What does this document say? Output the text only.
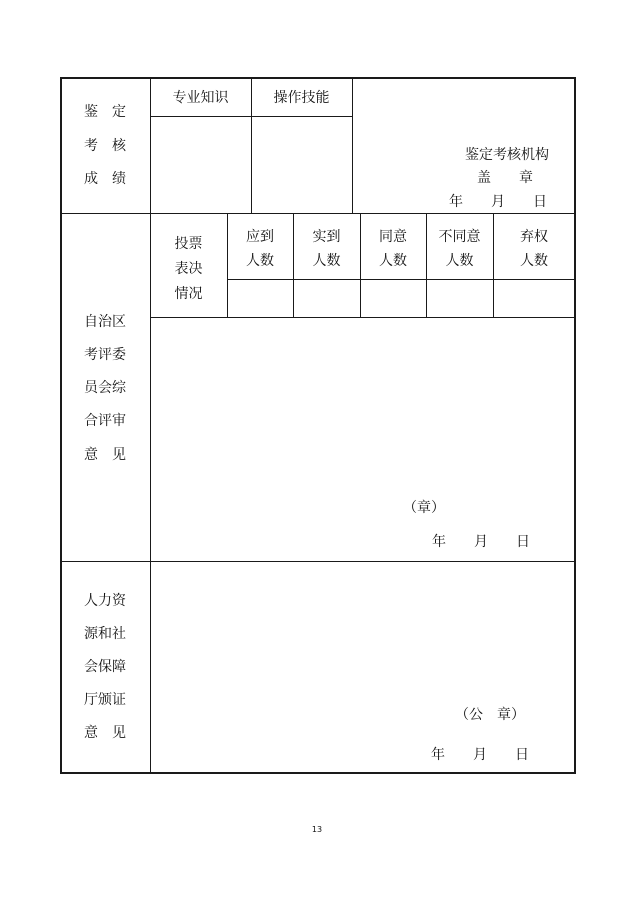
鉴　定
考　核
成　绩
专业知识	操作技能
鉴定考核机构
盖　　章
年　　月　　日
自治区
考评委
员会综
合评审
意　见
投票
表决
情况
应到
人数
实到
人数
同意
人数
不同意
人数
弃权
人数
（章）
年　　月　　日
人力资
源和社
会保障
厅颁证
意　见
（公　章）
年　　月　　日
13
